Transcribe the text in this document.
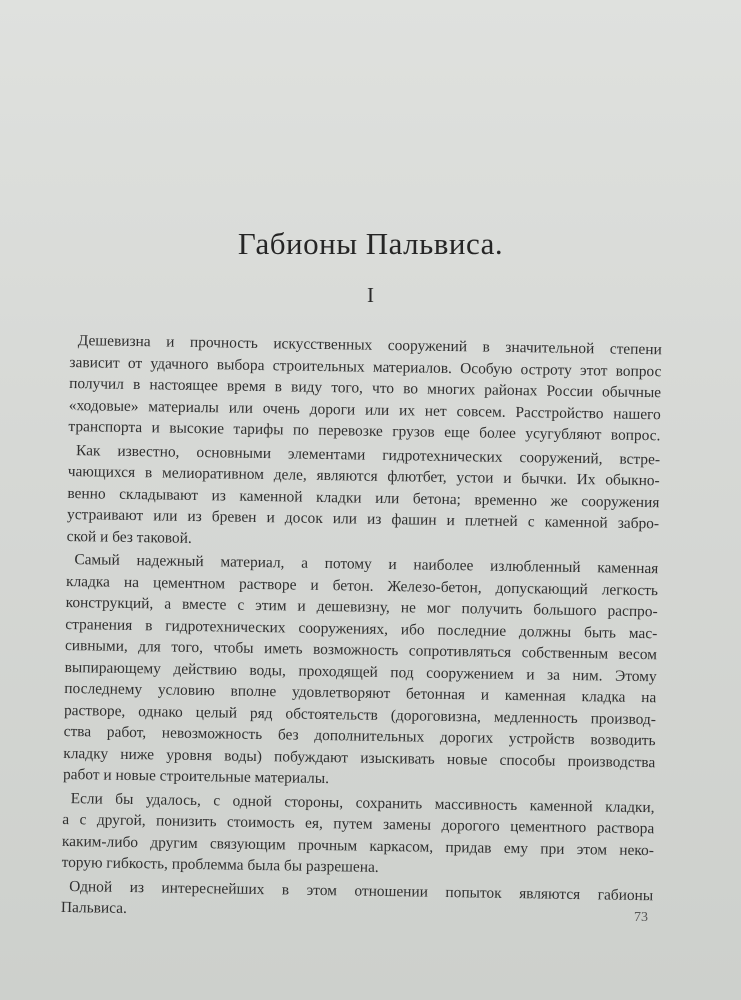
Габионы Пальвиса.
I
Дешевизна и прочность искусственных сооружений в значительной степени
зависит от удачного выбора строительных материалов. Особую остроту этот вопрос
получил в настоящее время в виду того, что во многих районах России обычные
«ходовые» материалы или очень дороги или их нет совсем. Расстройство нашего
транспорта и высокие тарифы по перевозке грузов еще более усугубляют вопрос.
Как известно, основными элементами гидротехнических сооружений, встре-
чающихся в мелиоративном деле, являются флютбет, устои и бычки. Их обыкно-
венно складывают из каменной кладки или бетона; временно же сооружения
устраивают или из бревен и досок или из фашин и плетней с каменной забро-
ской и без таковой.
Самый надежный материал, а потому и наиболее излюбленный каменная
кладка на цементном растворе и бетон. Железо-бетон, допускающий легкость
конструкций, а вместе с этим и дешевизну, не мог получить большого распро-
странения в гидротехнических сооружениях, ибо последние должны быть мас-
сивными, для того, чтобы иметь возможность сопротивляться собственным весом
выпирающему действию воды, проходящей под сооружением и за ним. Этому
последнему условию вполне удовлетворяют бетонная и каменная кладка на
растворе, однако целый ряд обстоятельств (дороговизна, медленность производ-
ства работ, невозможность без дополнительных дорогих устройств возводить
кладку ниже уровня воды) побуждают изыскивать новые способы производства
работ и новые строительные материалы.
Если бы удалось, с одной стороны, сохранить массивность каменной кладки,
а с другой, понизить стоимость ея, путем замены дорогого цементного раствора
каким-либо другим связующим прочным каркасом, придав ему при этом неко-
торую гибкость, проблемма была бы разрешена.
Одной из интереснейших в этом отношении попыток являются габионы
Пальвиса.
73
